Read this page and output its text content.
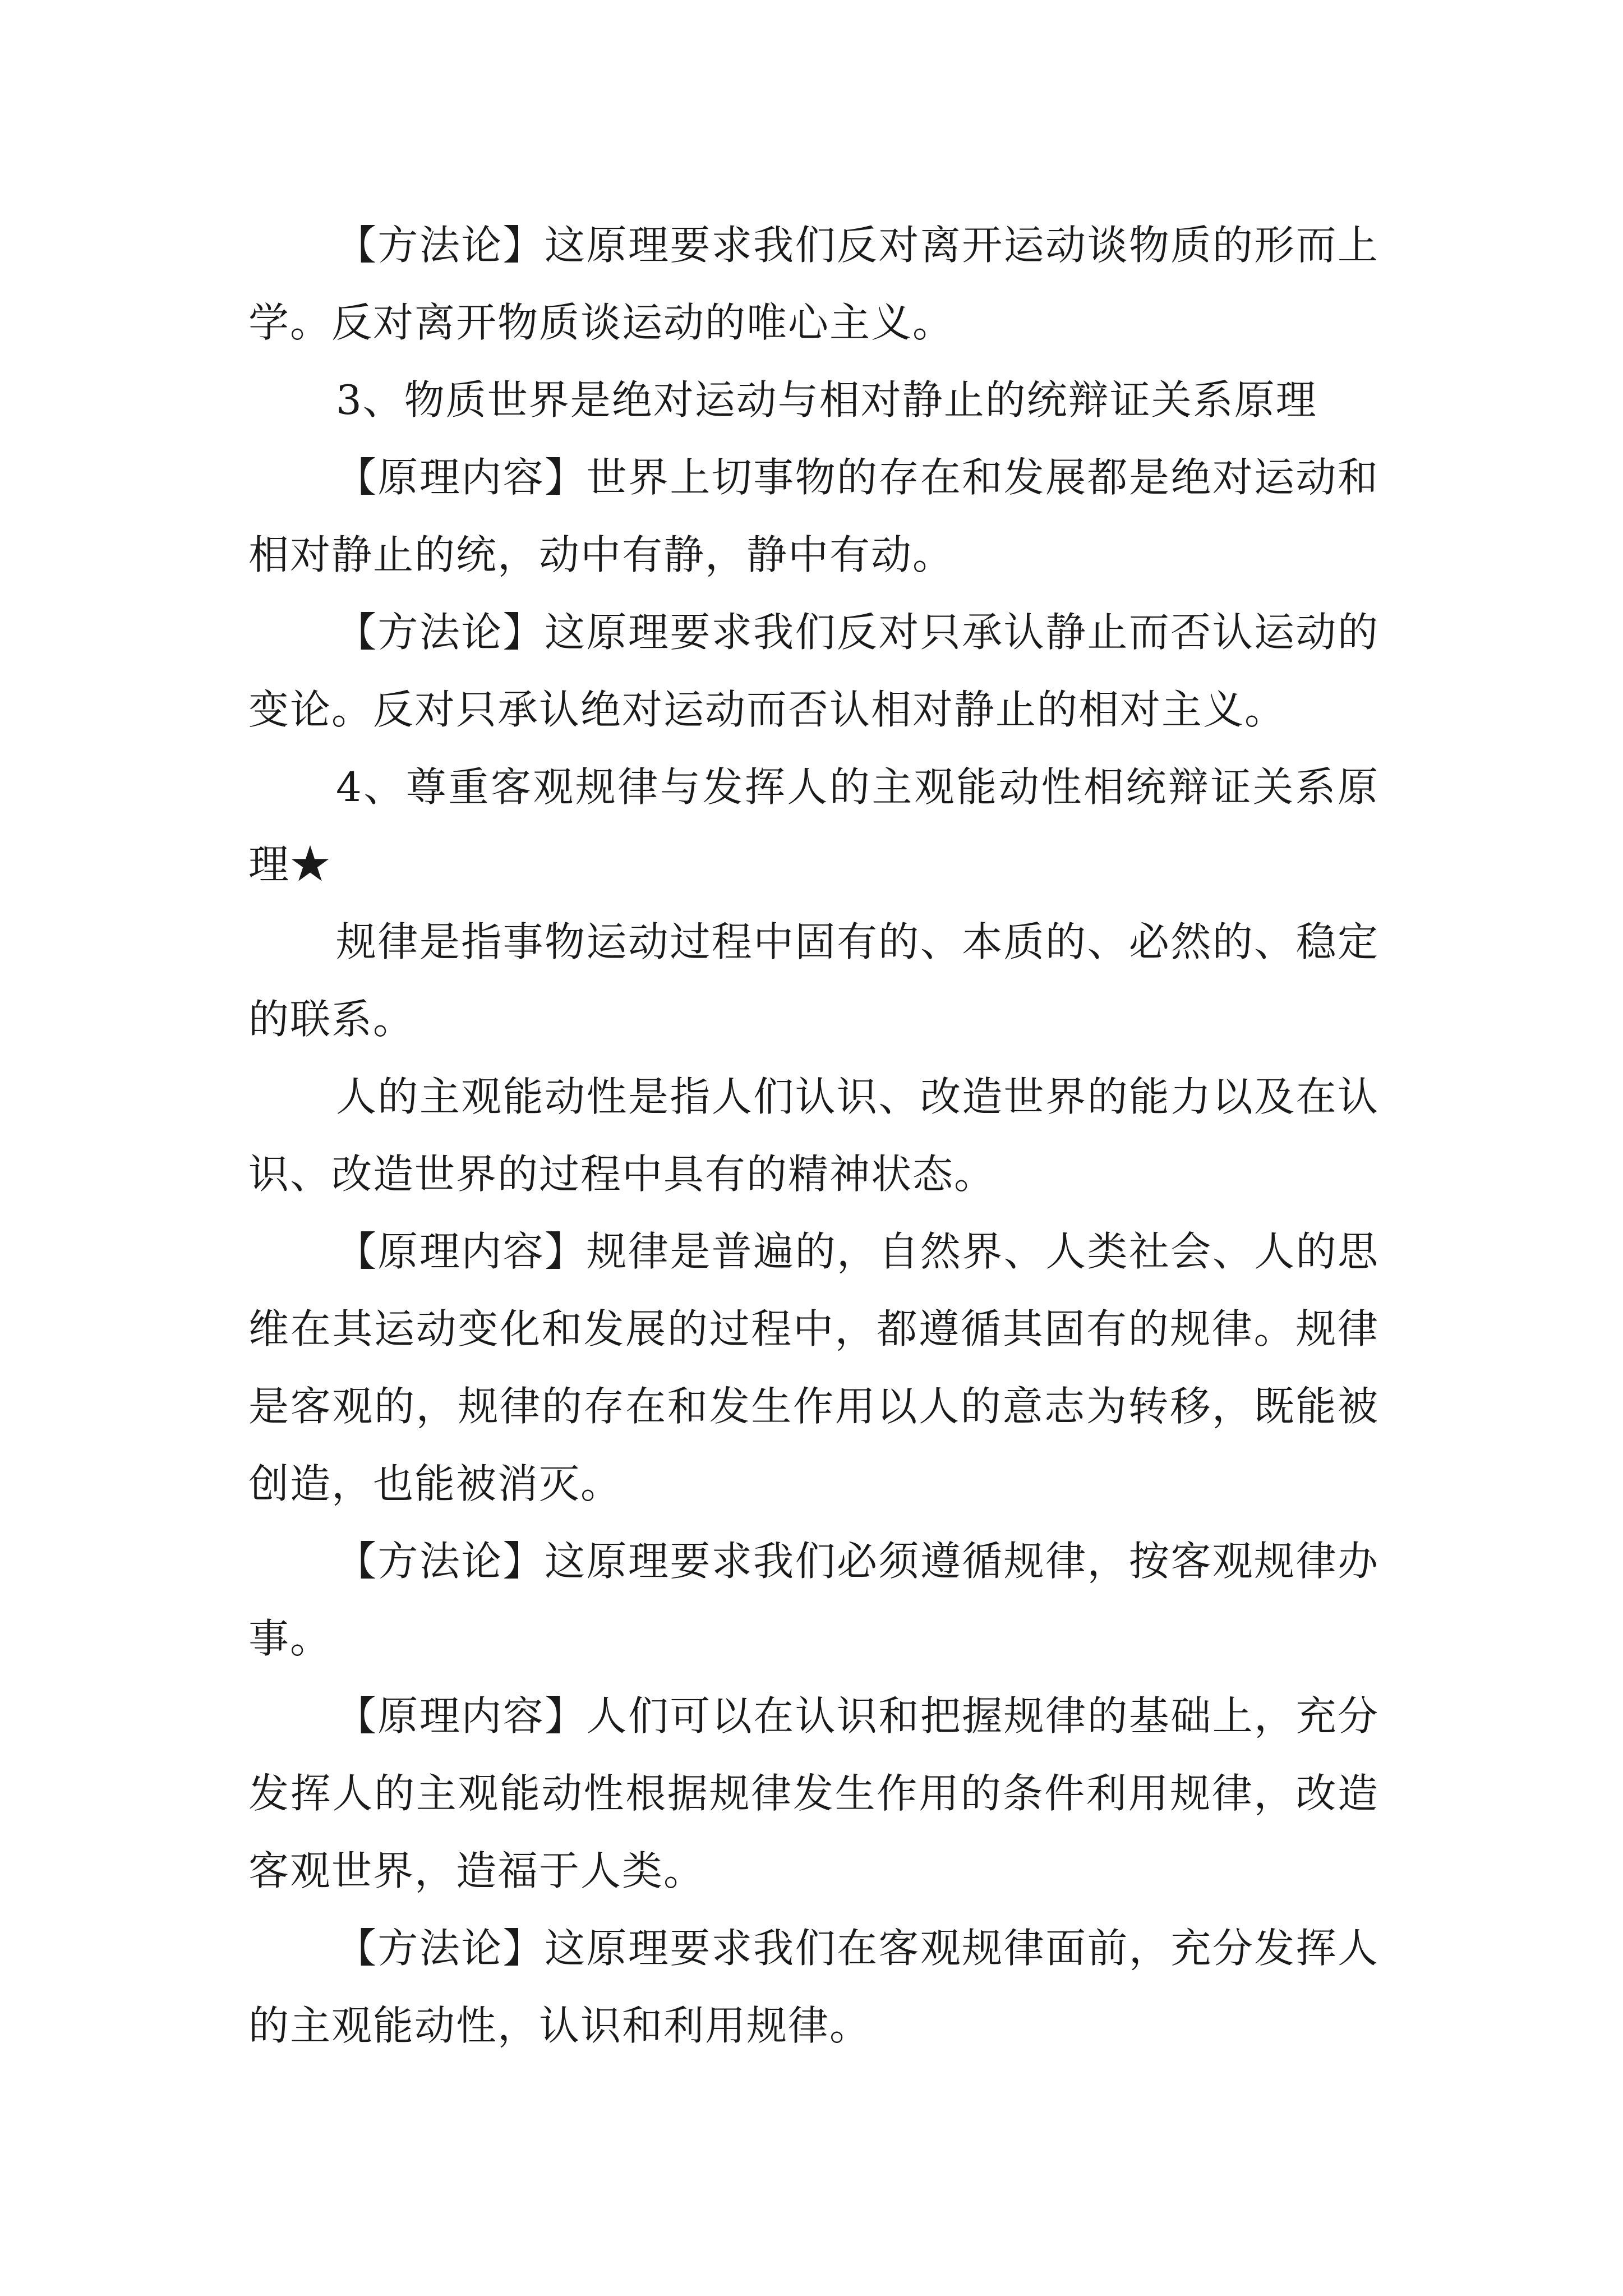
【方法论】这原理要求我们反对离开运动谈物质的形而上学。反对离开物质谈运动的唯心主义。

3、物质世界是绝对运动与相对静止的统辩证关系原理

【原理内容】世界上切事物的存在和发展都是绝对运动和相对静止的统，动中有静，静中有动。

【方法论】这原理要求我们反对只承认静止而否认运动的变论。反对只承认绝对运动而否认相对静止的相对主义。

4、尊重客观规律与发挥人的主观能动性相统辩证关系原理★

规律是指事物运动过程中固有的、本质的、必然的、稳定的联系。

人的主观能动性是指人们认识、改造世界的能力以及在认识、改造世界的过程中具有的精神状态。

【原理内容】规律是普遍的，自然界、人类社会、人的思维在其运动变化和发展的过程中，都遵循其固有的规律。规律是客观的，规律的存在和发生作用以人的意志为转移，既能被创造，也能被消灭。

【方法论】这原理要求我们必须遵循规律，按客观规律办事。

【原理内容】人们可以在认识和把握规律的基础上，充分发挥人的主观能动性根据规律发生作用的条件利用规律，改造客观世界，造福于人类。

【方法论】这原理要求我们在客观规律面前，充分发挥人的主观能动性，认识和利用规律。
